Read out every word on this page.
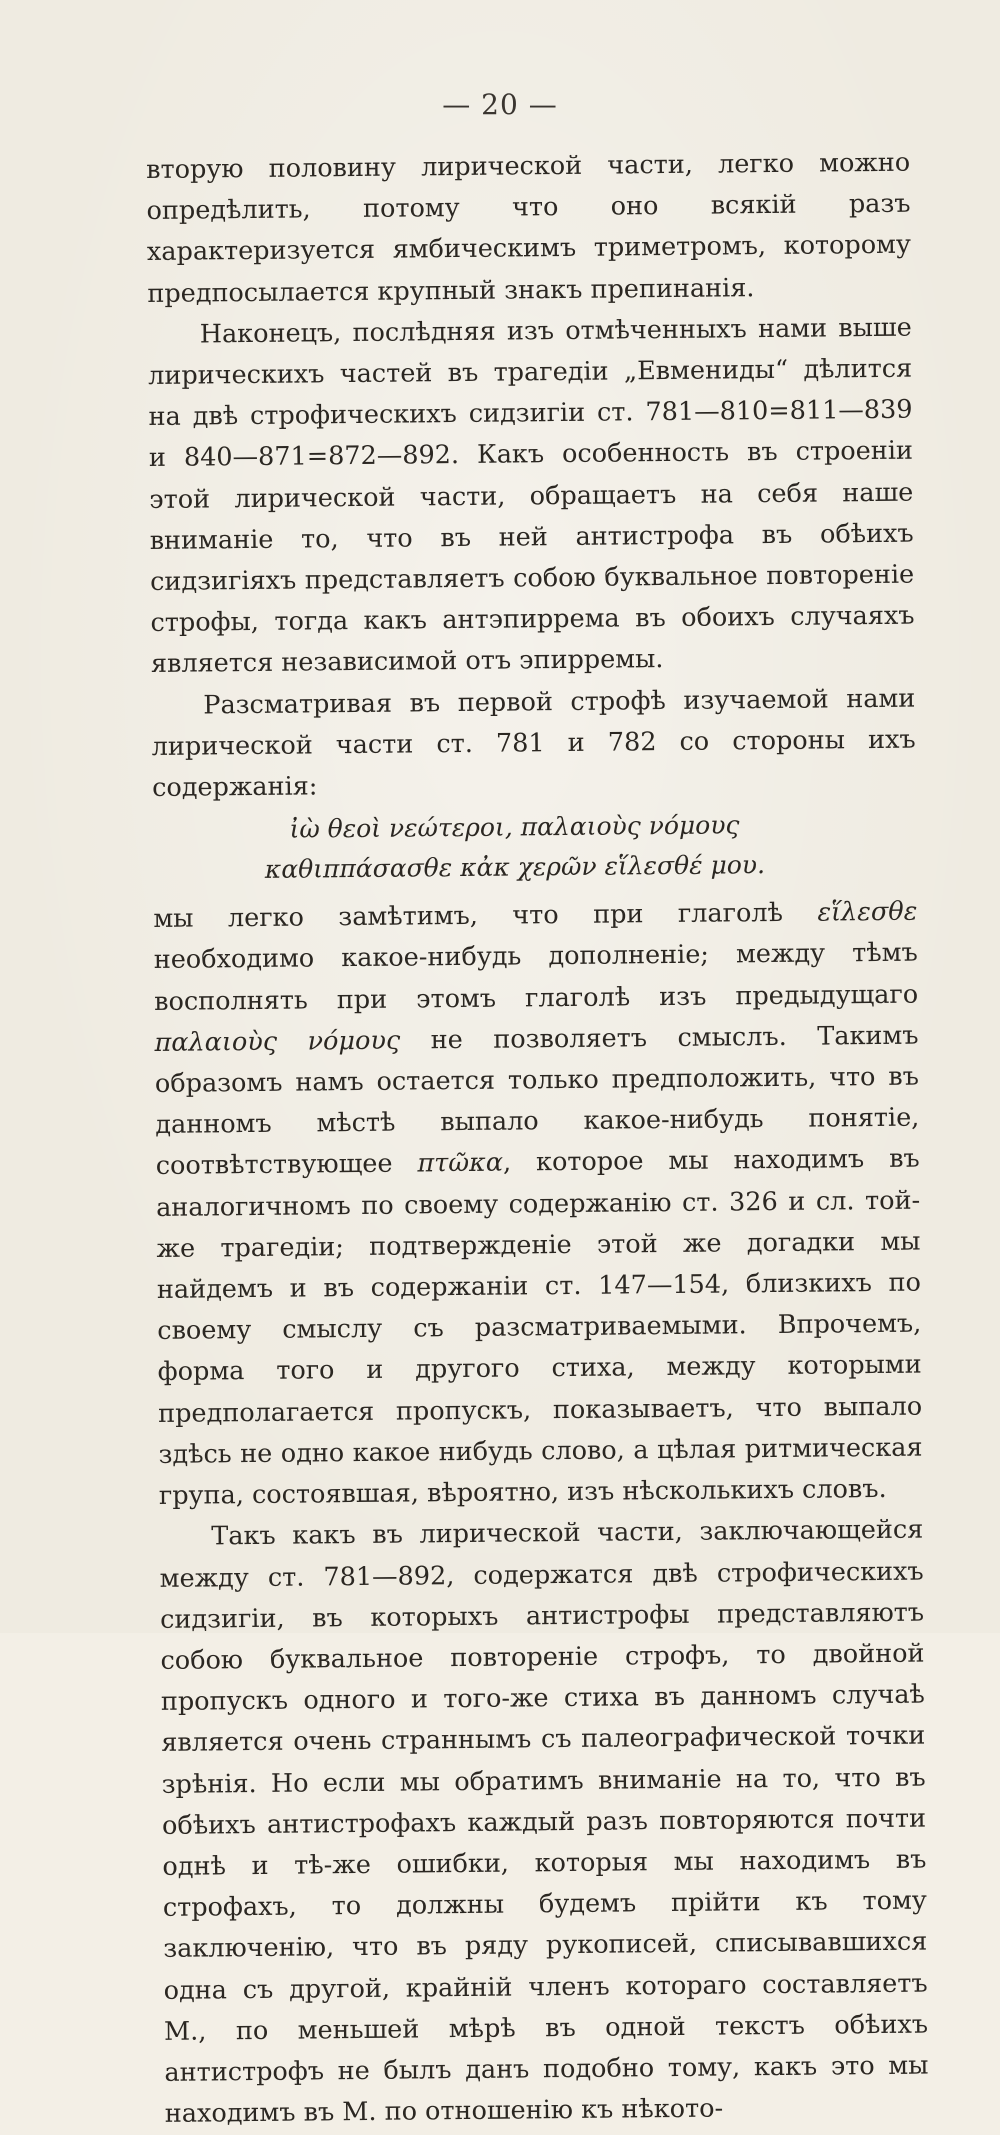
— 20 —

вторую половину лирической части, легко можно опредѣлить, потому что оно всякій разъ характеризуется ямбическимъ триметромъ, которому предпосылается крупный знакъ препинанія.

Наконецъ, послѣдняя изъ отмѣченныхъ нами выше лирическихъ частей въ трагедіи „Евмениды“ дѣлится на двѣ строфическихъ сидзигіи ст. 781—810=811—839 и 840—871=872—892. Какъ особенность въ строеніи этой лирической части, обращаетъ на себя наше вниманіе то, что въ ней антистрофа въ обѣихъ сидзигіяхъ представляетъ собою буквальное повтореніе строфы, тогда какъ антэпиррема въ обоихъ случаяхъ является независимой отъ эпирремы.

Разсматривая въ первой строфѣ изучаемой нами лирической части ст. 781 и 782 со стороны ихъ содержанія:

ἰὼ θεοὶ νεώτεροι, παλαιοὺς νόμους
καθιππάσασθε κἀκ χερῶν εἵλεσθέ μου.

мы легко замѣтимъ, что при глаголѣ εἵλεσθε необходимо какое-нибудь дополненіе; между тѣмъ восполнять при этомъ глаголѣ изъ предыдущаго παλαιοὺς νόμους не позволяетъ смыслъ. Такимъ образомъ намъ остается только предположить, что въ данномъ мѣстѣ выпало какое-нибудь понятіе, соотвѣтствующее πτῶκα, которое мы находимъ въ аналогичномъ по своему содержанію ст. 326 и сл. той-же трагедіи; подтвержденіе этой же догадки мы найдемъ и въ содержаніи ст. 147—154, близкихъ по своему смыслу съ разсматриваемыми. Впрочемъ, форма того и другого стиха, между которыми предполагается пропускъ, показываетъ, что выпало здѣсь не одно какое нибудь слово, а цѣлая ритмическая група, состоявшая, вѣроятно, изъ нѣсколькихъ словъ.

Такъ какъ въ лирической части, заключающейся между ст. 781—892, содержатся двѣ строфическихъ сидзигіи, въ которыхъ антистрофы представляютъ собою буквальное повтореніе строфъ, то двойной пропускъ одного и того-же стиха въ данномъ случаѣ является очень страннымъ съ палеографической точки зрѣнія. Но если мы обратимъ вниманіе на то, что въ обѣихъ антистрофахъ каждый разъ повторяются почти однѣ и тѣ-же ошибки, которыя мы находимъ въ строфахъ, то должны будемъ прійти къ тому заключенію, что въ ряду рукописей, списывавшихся одна съ другой, крайній членъ котораго составляетъ М., по меньшей мѣрѣ въ одной текстъ обѣихъ антистрофъ не былъ данъ подобно тому, какъ это мы находимъ въ М. по отношенію къ нѣкото-
